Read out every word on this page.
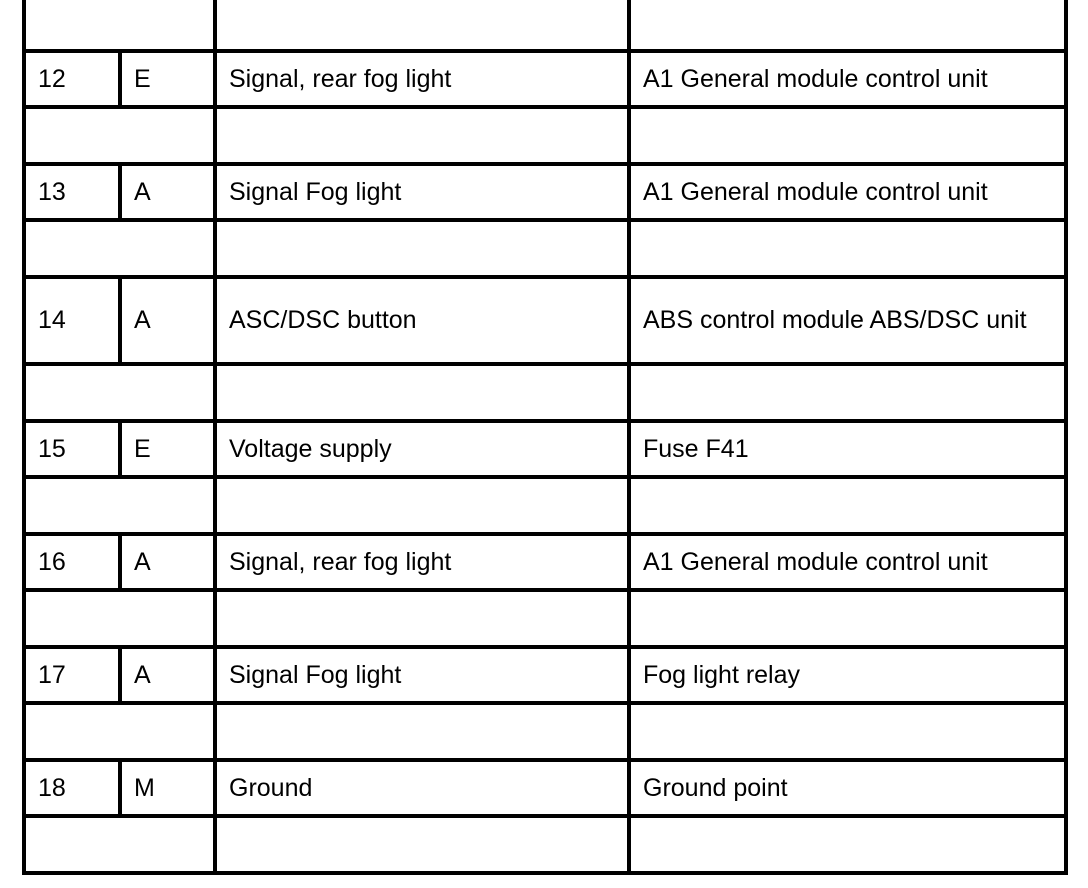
12	E	Signal, rear fog light	A1 General module control unit

13	A	Signal Fog light	A1 General module control unit

14	A	ASC/DSC button	ABS control module ABS/DSC unit

15	E	Voltage supply	Fuse F41

16	A	Signal, rear fog light	A1 General module control unit

17	A	Signal Fog light	Fog light relay

18	M	Ground	Ground point
